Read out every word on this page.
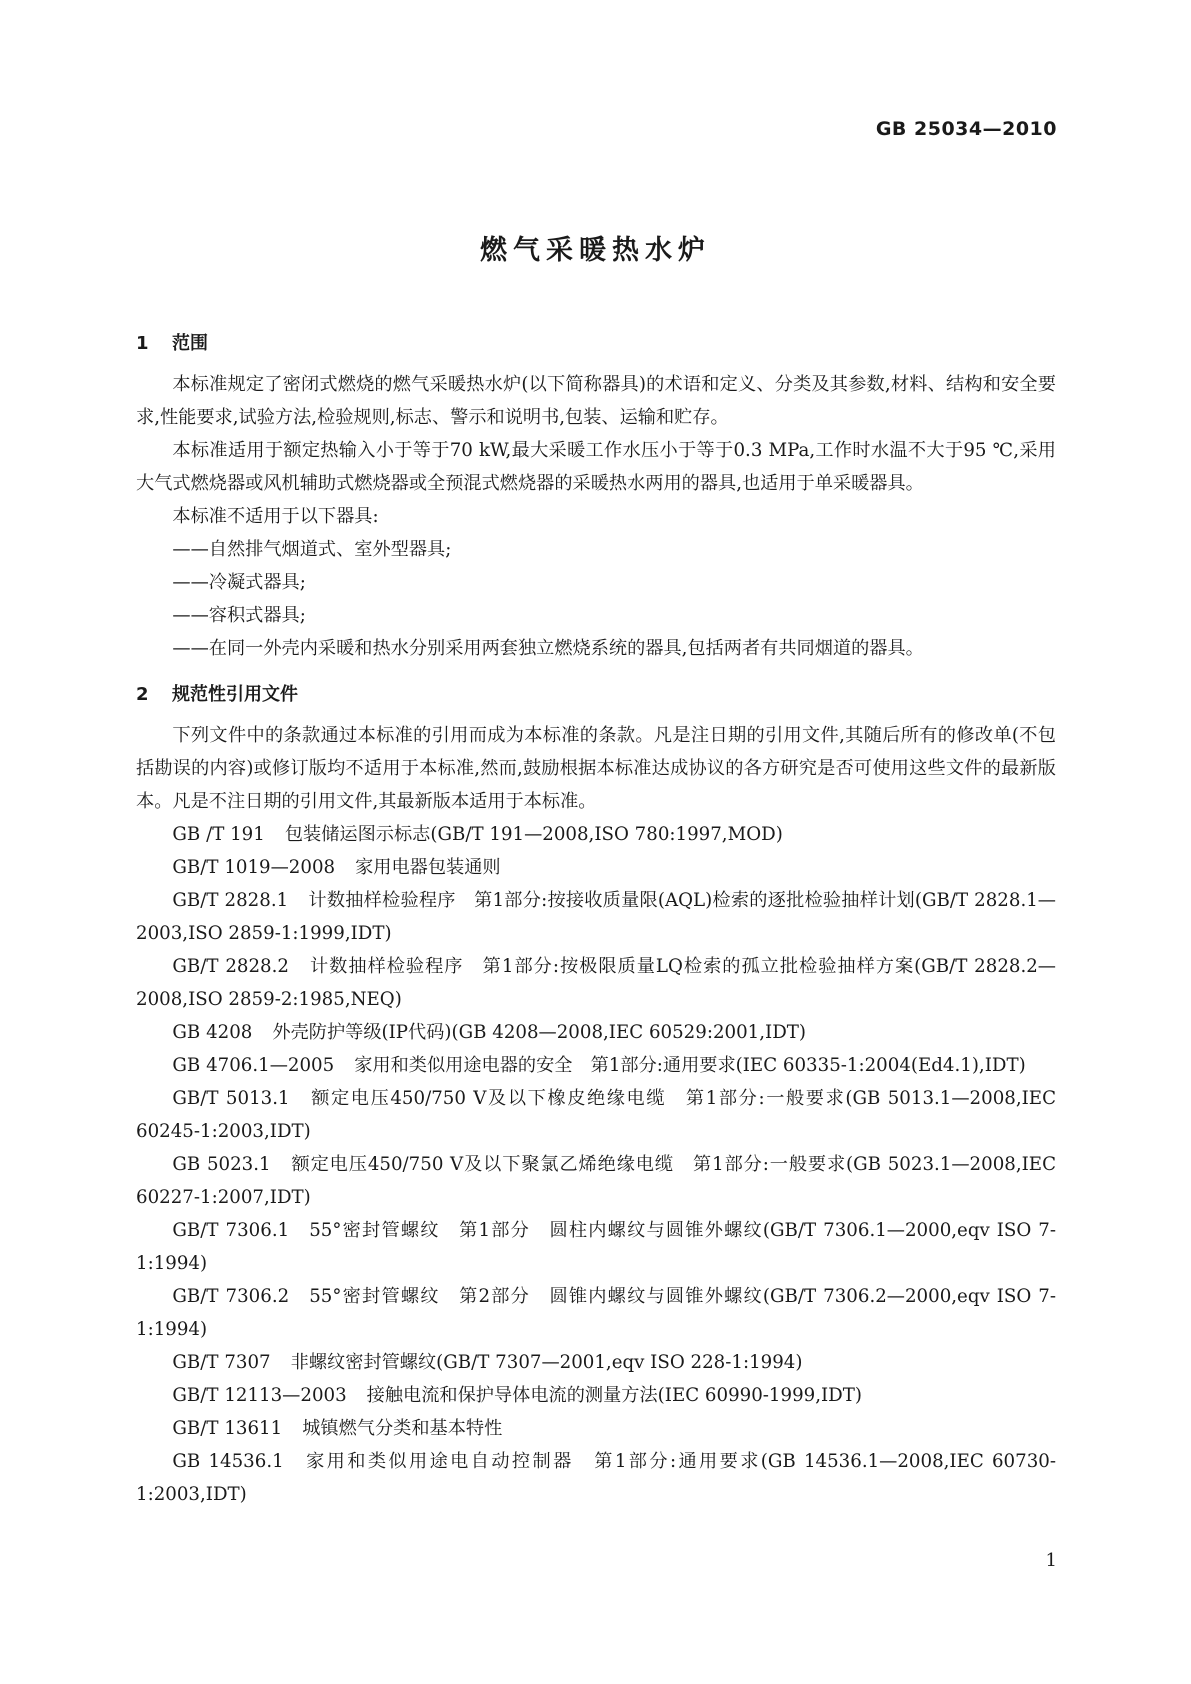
GB 25034—2010
燃气采暖热水炉
1 范围

本标准规定了密闭式燃烧的燃气采暖热水炉(以下简称器具)的术语和定义、分类及其参数,材料、结构和安全要求,性能要求,试验方法,检验规则,标志、警示和说明书,包装、运输和贮存。

本标准适用于额定热输入小于等于70 kW,最大采暖工作水压小于等于0.3 MPa,工作时水温不大于95 ℃,采用大气式燃烧器或风机辅助式燃烧器或全预混式燃烧器的采暖热水两用的器具,也适用于单采暖器具。

本标准不适用于以下器具:

——自然排气烟道式、室外型器具;

——冷凝式器具;

——容积式器具;

——在同一外壳内采暖和热水分别采用两套独立燃烧系统的器具,包括两者有共同烟道的器具。

2 规范性引用文件

下列文件中的条款通过本标准的引用而成为本标准的条款。凡是注日期的引用文件,其随后所有的修改单(不包括勘误的内容)或修订版均不适用于本标准,然而,鼓励根据本标准达成协议的各方研究是否可使用这些文件的最新版本。凡是不注日期的引用文件,其最新版本适用于本标准。

GB /T 191 包装储运图示标志(GB/T 191—2008,ISO 780:1997,MOD)

GB/T 1019—2008 家用电器包装通则

GB/T 2828.1 计数抽样检验程序　第1部分:按接收质量限(AQL)检索的逐批检验抽样计划(GB/T 2828.1—2003,ISO 2859-1:1999,IDT)

GB/T 2828.2 计数抽样检验程序　第1部分:按极限质量LQ检索的孤立批检验抽样方案(GB/T 2828.2—2008,ISO 2859-2:1985,NEQ)

GB 4208 外壳防护等级(IP代码)(GB 4208—2008,IEC 60529:2001,IDT)

GB 4706.1—2005 家用和类似用途电器的安全　第1部分:通用要求(IEC 60335-1:2004(Ed4.1),IDT)

GB/T 5013.1 额定电压450/750 V及以下橡皮绝缘电缆　第1部分:一般要求(GB 5013.1—2008,IEC 60245-1:2003,IDT)

GB 5023.1 额定电压450/750 V及以下聚氯乙烯绝缘电缆　第1部分:一般要求(GB 5023.1—2008,IEC 60227-1:2007,IDT)

GB/T 7306.1 55°密封管螺纹　第1部分　圆柱内螺纹与圆锥外螺纹(GB/T 7306.1—2000,eqv ISO 7-1:1994)

GB/T 7306.2 55°密封管螺纹　第2部分　圆锥内螺纹与圆锥外螺纹(GB/T 7306.2—2000,eqv ISO 7-1:1994)

GB/T 7307 非螺纹密封管螺纹(GB/T 7307—2001,eqv ISO 228-1:1994)

GB/T 12113—2003 接触电流和保护导体电流的测量方法(IEC 60990-1999,IDT)

GB/T 13611 城镇燃气分类和基本特性

GB 14536.1 家用和类似用途电自动控制器　第1部分:通用要求(GB 14536.1—2008,IEC 60730-1:2003,IDT)

1
